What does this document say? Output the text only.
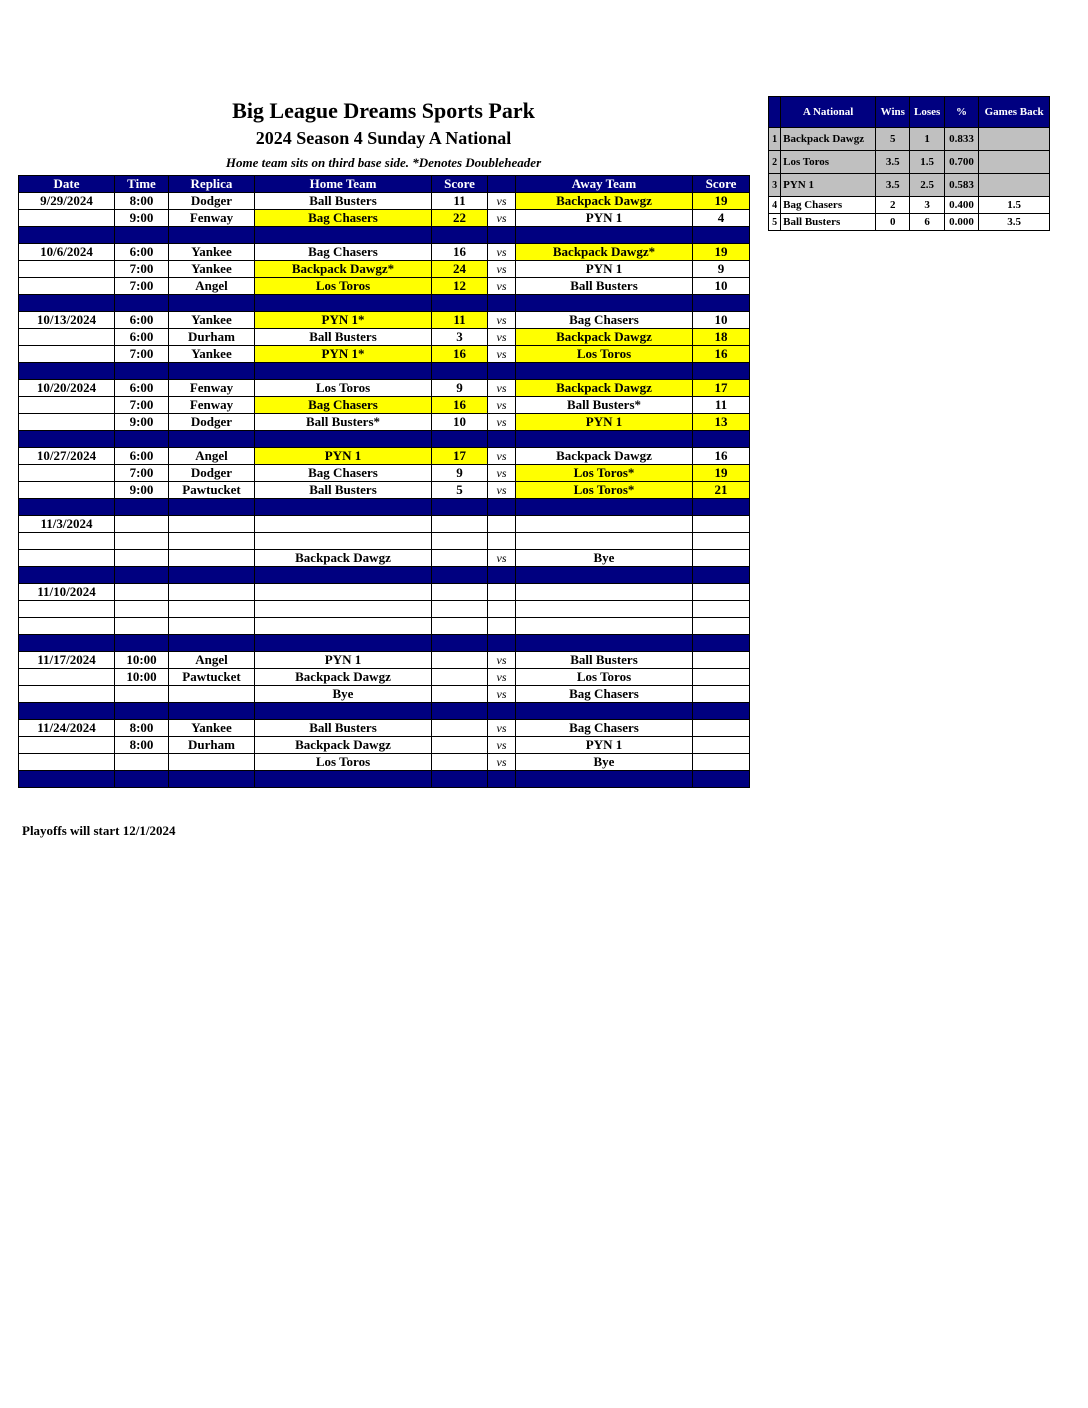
Big League Dreams Sports Park
2024 Season 4 Sunday A National
Home team sits on third base side. *Denotes Doubleheader
Date	Time	Replica	Home Team	Score		Away Team	Score
9/29/2024	8:00	Dodger	Ball Busters	11	vs	Backpack Dawgz	19
	9:00	Fenway	Bag Chasers	22	vs	PYN 1	4

10/6/2024	6:00	Yankee	Bag Chasers	16	vs	Backpack Dawgz*	19
	7:00	Yankee	Backpack Dawgz*	24	vs	PYN 1	9
	7:00	Angel	Los Toros	12	vs	Ball Busters	10

10/13/2024	6:00	Yankee	PYN 1*	11	vs	Bag Chasers	10
	6:00	Durham	Ball Busters	3	vs	Backpack Dawgz	18
	7:00	Yankee	PYN 1*	16	vs	Los Toros	16

10/20/2024	6:00	Fenway	Los Toros	9	vs	Backpack Dawgz	17
	7:00	Fenway	Bag Chasers	16	vs	Ball Busters*	11
	9:00	Dodger	Ball Busters*	10	vs	PYN 1	13

10/27/2024	6:00	Angel	PYN 1	17	vs	Backpack Dawgz	16
	7:00	Dodger	Bag Chasers	9	vs	Los Toros*	19
	9:00	Pawtucket	Ball Busters	5	vs	Los Toros*	21

11/3/2024							

			Backpack Dawgz		vs	Bye	

11/10/2024							

11/17/2024	10:00	Angel	PYN 1		vs	Ball Busters	
	10:00	Pawtucket	Backpack Dawgz		vs	Los Toros	
			Bye		vs	Bag Chasers	

11/24/2024	8:00	Yankee	Ball Busters		vs	Bag Chasers	
	8:00	Durham	Backpack Dawgz		vs	PYN 1	
			Los Toros		vs	Bye	

	A National	Wins	Loses	%	Games Back
1	Backpack Dawgz	5	1	0.833	
2	Los Toros	3.5	1.5	0.700	
3	PYN 1	3.5	2.5	0.583	
4	Bag Chasers	2	3	0.400	1.5
5	Ball Busters	0	6	0.000	3.5
Playoffs will start 12/1/2024
